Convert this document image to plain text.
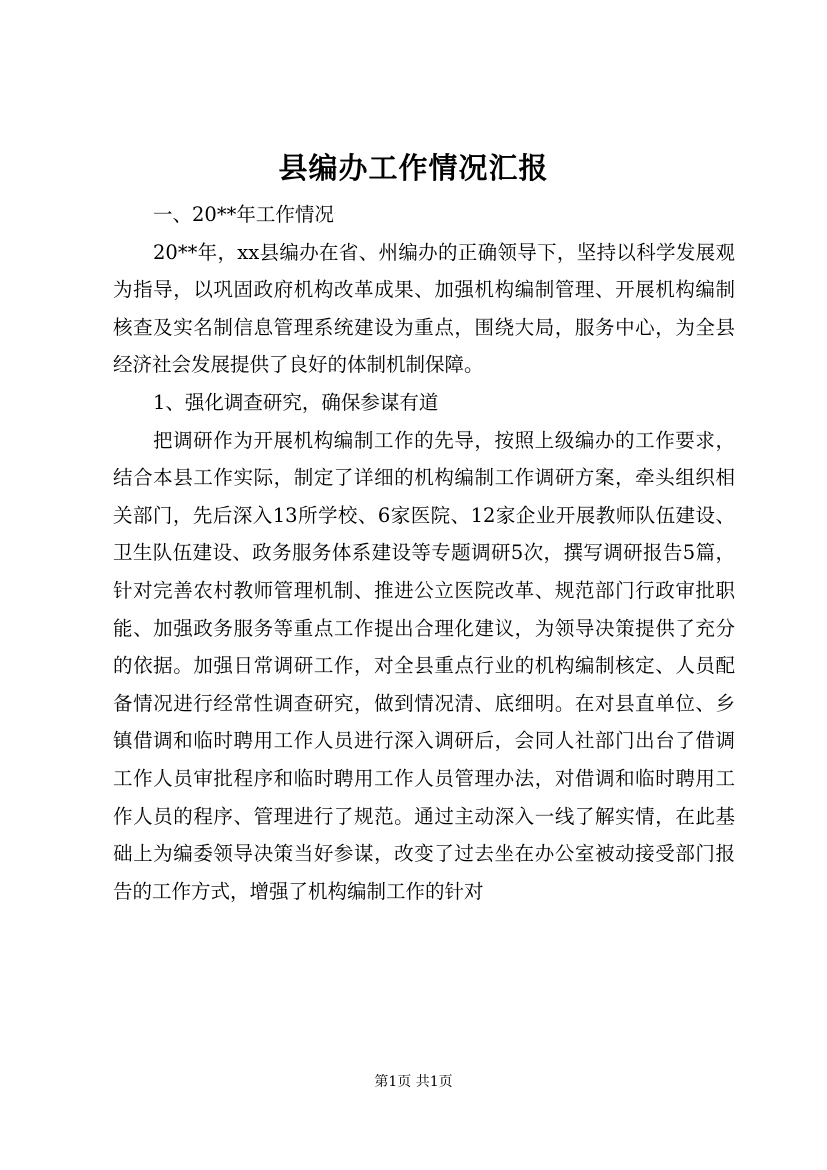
县编办工作情况汇报

一、20**年工作情况

20**年，xx县编办在省、州编办的正确领导下，坚持以科学发展观为指导，以巩固政府机构改革成果、加强机构编制管理、开展机构编制核查及实名制信息管理系统建设为重点，围绕大局，服务中心，为全县经济社会发展提供了良好的体制机制保障。

1、强化调查研究，确保参谋有道

把调研作为开展机构编制工作的先导，按照上级编办的工作要求，结合本县工作实际，制定了详细的机构编制工作调研方案，牵头组织相关部门，先后深入13所学校、6家医院、12家企业开展教师队伍建设、卫生队伍建设、政务服务体系建设等专题调研5次，撰写调研报告5篇，针对完善农村教师管理机制、推进公立医院改革、规范部门行政审批职能、加强政务服务等重点工作提出合理化建议，为领导决策提供了充分的依据。加强日常调研工作，对全县重点行业的机构编制核定、人员配备情况进行经常性调查研究，做到情况清、底细明。在对县直单位、乡镇借调和临时聘用工作人员进行深入调研后，会同人社部门出台了借调工作人员审批程序和临时聘用工作人员管理办法，对借调和临时聘用工作人员的程序、管理进行了规范。通过主动深入一线了解实情，在此基础上为编委领导决策当好参谋，改变了过去坐在办公室被动接受部门报告的工作方式，增强了机构编制工作的针对

第1页 共1页
